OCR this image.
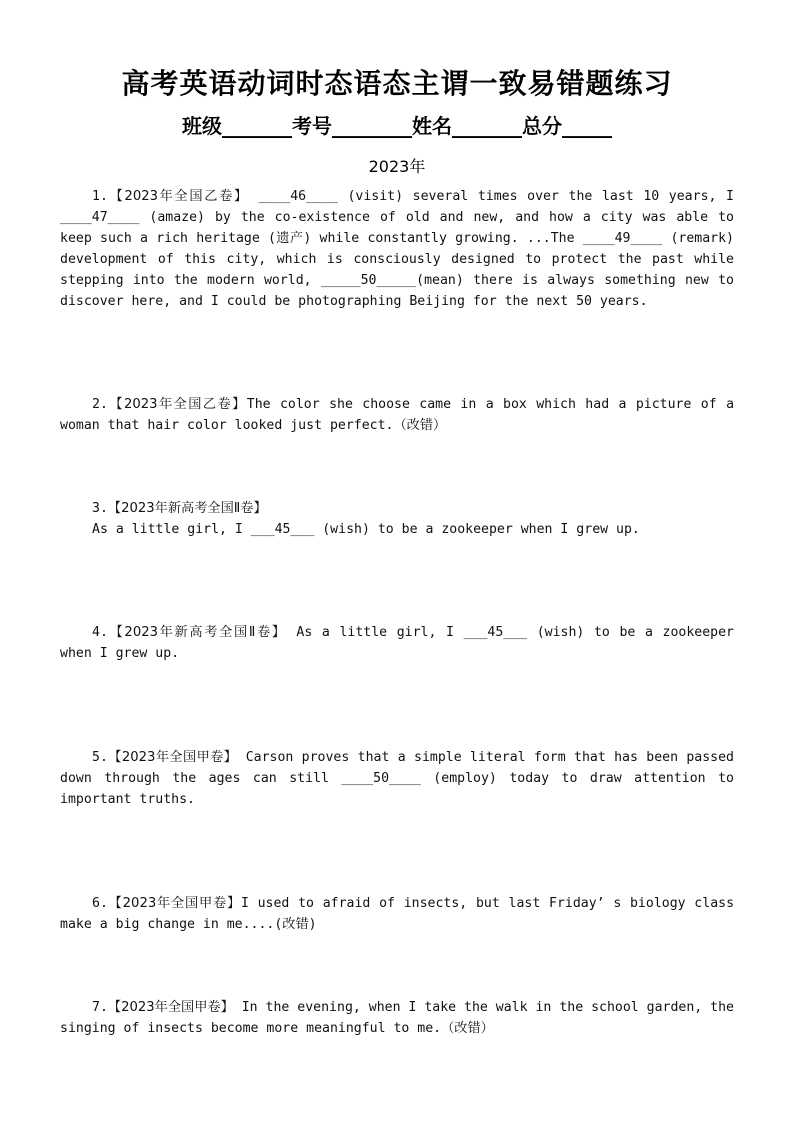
高考英语动词时态语态主谓一致易错题练习
班级_______考号________姓名_______总分_____
2023年
1.【2023年全国乙卷】 ____46____ (visit) several times over the last 10 years, I ____47____ (amaze) by the co-existence of old and new, and how a city was able to keep such a rich heritage (遗产) while constantly growing. ...The ____49____ (remark) development of this city, which is consciously designed to protect the past while stepping into the modern world, _____50_____(mean) there is always something new to discover here, and I could be photographing Beijing for the next 50 years.
2.【2023年全国乙卷】The color she choose came in a box which had a picture of a woman that hair color looked just perfect.（改错）
3.【2023年新高考全国Ⅱ卷】
As a little girl, I ___45___ (wish) to be a zookeeper when I grew up.
4.【2023年新高考全国Ⅱ卷】 As a little girl, I ___45___ (wish) to be a zookeeper when I grew up.
5.【2023年全国甲卷】 Carson proves that a simple literal form that has been passed down through the ages can still ____50____ (employ) today to draw attention to important truths.
6.【2023年全国甲卷】I used to afraid of insects, but last Friday’ s biology class make a big change in me....(改错)
7.【2023年全国甲卷】 In the evening, when I take the walk in the school garden, the singing of insects become more meaningful to me.（改错）
